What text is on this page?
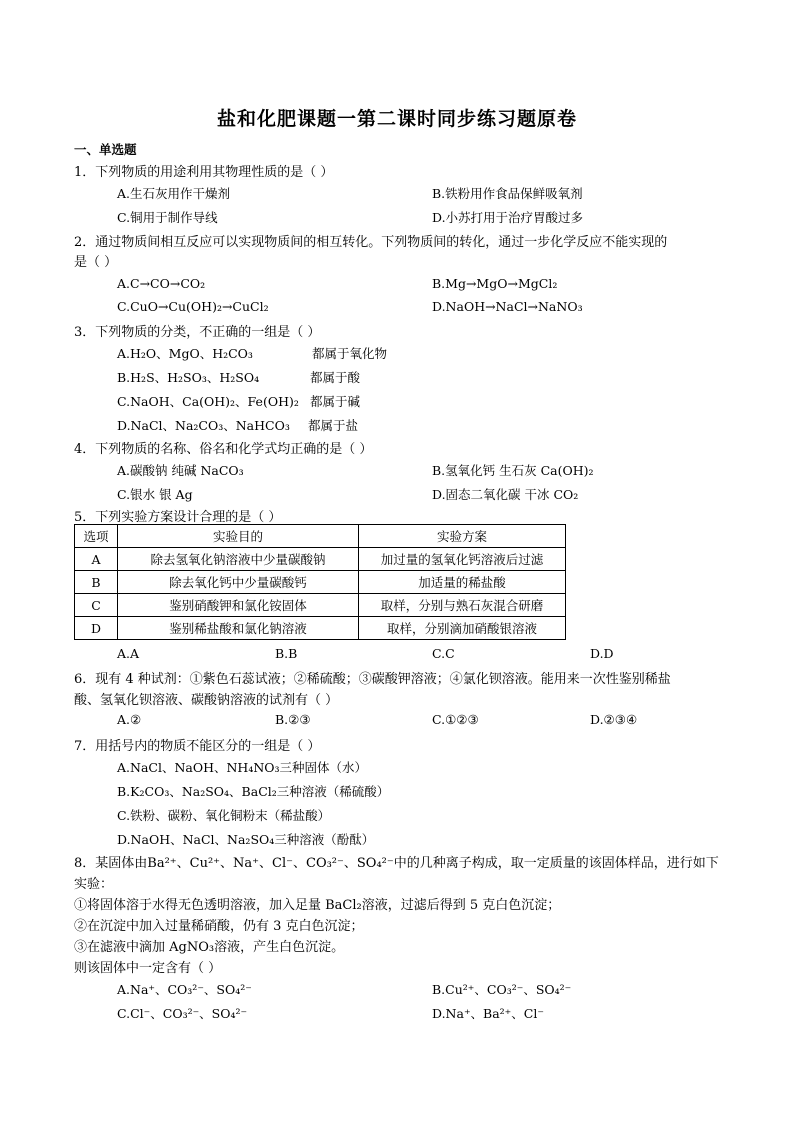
盐和化肥课题一第二课时同步练习题原卷
一、单选题
1．下列物质的用途利用其物理性质的是（ ）
A.生石灰用作干燥剂	B.铁粉用作食品保鲜吸氧剂
C.铜用于制作导线	D.小苏打用于治疗胃酸过多
2．通过物质间相互反应可以实现物质间的相互转化。下列物质间的转化，通过一步化学反应不能实现的
是（ ）
A.C→CO→CO₂	B.Mg→MgO→MgCl₂
C.CuO→Cu(OH)₂→CuCl₂	D.NaOH→NaCl→NaNO₃
3．下列物质的分类，不正确的一组是（ ）
A.H₂O、MgO、H₂CO₃	都属于氧化物
B.H₂S、H₂SO₃、H₂SO₄	都属于酸
C.NaOH、Ca(OH)₂、Fe(OH)₂ 都属于碱
D.NaCl、Na₂CO₃、NaHCO₃ 都属于盐
4．下列物质的名称、俗名和化学式均正确的是（ ）
A.碳酸钠 纯碱 NaCO₃	B.氢氧化钙 生石灰 Ca(OH)₂
C.银水 银 Ag	D.固态二氧化碳 干冰 CO₂
5．下列实验方案设计合理的是（ ）
选项	实验目的	实验方案
A	除去氢氧化钠溶液中少量碳酸钠	加过量的氢氧化钙溶液后过滤
B	除去氧化钙中少量碳酸钙	加适量的稀盐酸
C	鉴别硝酸钾和氯化铵固体	取样，分别与熟石灰混合研磨
D	鉴别稀盐酸和氯化钠溶液	取样，分别滴加硝酸银溶液
A.A	B.B	C.C	D.D
6．现有 4 种试剂：①紫色石蕊试液；②稀硫酸；③碳酸钾溶液；④氯化钡溶液。能用来一次性鉴别稀盐
酸、氢氧化钡溶液、碳酸钠溶液的试剂有（ ）
A.②	B.②③	C.①②③	D.②③④
7．用括号内的物质不能区分的一组是（ ）
A.NaCl、NaOH、NH₄NO₃三种固体（水）
B.K₂CO₃、Na₂SO₄、BaCl₂三种溶液（稀硫酸）
C.铁粉、碳粉、氧化铜粉末（稀盐酸）
D.NaOH、NaCl、Na₂SO₄三种溶液（酚酞）
8．某固体由Ba²⁺、Cu²⁺、Na⁺、Cl⁻、CO₃²⁻、SO₄²⁻中的几种离子构成，取一定质量的该固体样品，进行如下
实验：
①将固体溶于水得无色透明溶液，加入足量 BaCl₂溶液，过滤后得到 5 克白色沉淀；
②在沉淀中加入过量稀硝酸，仍有 3 克白色沉淀；
③在滤液中滴加 AgNO₃溶液，产生白色沉淀。
则该固体中一定含有（ ）
A.Na⁺、CO₃²⁻、SO₄²⁻	B.Cu²⁺、CO₃²⁻、SO₄²⁻
C.Cl⁻、CO₃²⁻、SO₄²⁻	D.Na⁺、Ba²⁺、Cl⁻
